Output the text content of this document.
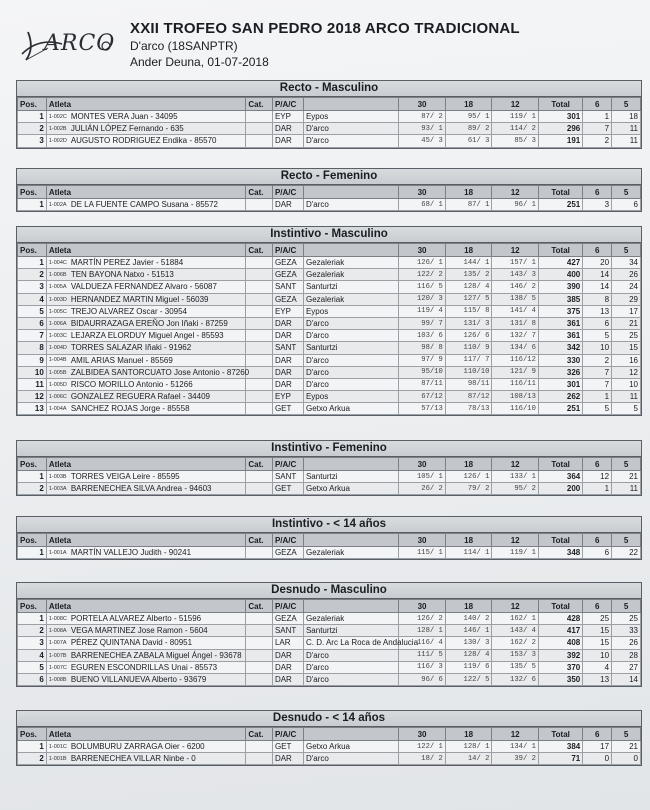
ARCO
XXII TROFEO SAN PEDRO 2018 ARCO TRADICIONAL
D'arco (18SANPTR)
Ander Deuna, 01-07-2018
Recto - Masculino
Pos.	Atleta	Cat.	P/A/C		30	18	12	Total	6	5
1	1-002C MONTES VERA Juan - 34095		EYP	Eypos	87/ 2	95/ 1	119/ 1	301	1	18
2	1-002B JULIÁN LÓPEZ Fernando - 635		DAR	D'arco	93/ 1	89/ 2	114/ 2	296	7	11
3	1-002D AUGUSTO RODRIGUEZ Endika - 85570		DAR	D'arco	45/ 3	61/ 3	85/ 3	191	2	11
Recto - Femenino
Pos.	Atleta	Cat.	P/A/C		30	18	12	Total	6	5
1	1-002A DE LA FUENTE CAMPO Susana - 85572		DAR	D'arco	68/ 1	87/ 1	96/ 1	251	3	6
Instintivo - Masculino
Pos.	Atleta	Cat.	P/A/C		30	18	12	Total	6	5
1	1-004C MARTÍN PEREZ Javier - 51884		GEZA	Gezaleriak	126/ 1	144/ 1	157/ 1	427	20	34
2	1-006B TEN BAYONA Natxo - 51513		GEZA	Gezaleriak	122/ 2	135/ 2	143/ 3	400	14	26
3	1-005A VALDUEZA FERNANDEZ Alvaro - 56087		SANT	Santurtzi	116/ 5	128/ 4	146/ 2	390	14	24
4	1-003D HERNANDEZ MARTIN Miguel - 56039		GEZA	Gezaleriak	120/ 3	127/ 5	138/ 5	385	8	29
5	1-005C TREJO ALVAREZ Oscar - 30954		EYP	Eypos	119/ 4	115/ 8	141/ 4	375	13	17
6	1-006A BIDAURRAZAGA EREÑO Jon Iñaki - 87259		DAR	D'arco	99/ 7	131/ 3	131/ 8	361	6	21
7	1-003C LEJARZA ELORDUY Miguel Angel - 85593		DAR	D'arco	103/ 6	126/ 6	132/ 7	361	5	25
8	1-004D TORRES SALAZAR Iñaki - 91962		SANT	Santurtzi	98/ 8	110/ 9	134/ 6	342	10	15
9	1-004B AMIL ARIAS Manuel - 85569		DAR	D'arco	97/ 9	117/ 7	116/12	330	2	16
10	1-005B ZALBIDEA SANTORCUATO Jose Antonio - 87260		DAR	D'arco	95/10	110/10	121/ 9	326	7	12
11	1-005D RISCO MORILLO Antonio - 51266		DAR	D'arco	87/11	98/11	116/11	301	7	10
12	1-006C GONZALEZ REGUERA Rafael - 34409		EYP	Eypos	67/12	87/12	108/13	262	1	11
13	1-004A SANCHEZ ROJAS Jorge - 85558		GET	Getxo Arkua	57/13	78/13	116/10	251	5	5
Instintivo - Femenino
Pos.	Atleta	Cat.	P/A/C		30	18	12	Total	6	5
1	1-003B TORRES VEIGA Leire - 85595		SANT	Santurtzi	105/ 1	126/ 1	133/ 1	364	12	21
2	1-003A BARRENECHEA SILVA Andrea - 94603		GET	Getxo Arkua	26/ 2	79/ 2	95/ 2	200	1	11
Instintivo - < 14 años
Pos.	Atleta	Cat.	P/A/C		30	18	12	Total	6	5
1	1-001A MARTÍN VALLEJO Judith - 90241		GEZA	Gezaleriak	115/ 1	114/ 1	119/ 1	348	6	22
Desnudo - Masculino
Pos.	Atleta	Cat.	P/A/C		30	18	12	Total	6	5
1	1-008C PORTELA ALVAREZ Alberto - 51596		GEZA	Gezaleriak	126/ 2	140/ 2	162/ 1	428	25	25
2	1-008A VEGA MARTINEZ Jose Ramon - 5604		SANT	Santurtzi	128/ 1	146/ 1	143/ 4	417	15	33
3	1-007A PÉREZ QUINTANA David - 80951		LAR	C. D. Arc La Roca de Andalucia	116/ 4	130/ 3	162/ 2	408	15	26
4	1-007B BARRENECHEA ZABALA Miguel Ángel - 93678		DAR	D'arco	111/ 5	128/ 4	153/ 3	392	10	28
5	1-007C EGUREN ESCONDRILLAS Unai - 85573		DAR	D'arco	116/ 3	119/ 6	135/ 5	370	4	27
6	1-008B BUENO VILLANUEVA Alberto - 93679		DAR	D'arco	96/ 6	122/ 5	132/ 6	350	13	14
Desnudo - < 14 años
Pos.	Atleta	Cat.	P/A/C		30	18	12	Total	6	5
1	1-001C BOLUMBURU ZARRAGA Oier - 6200		GET	Getxo Arkua	122/ 1	128/ 1	134/ 1	384	17	21
2	1-001B BARRENECHEA VILLAR Ninbe - 0		DAR	D'arco	18/ 2	14/ 2	39/ 2	71	0	0
